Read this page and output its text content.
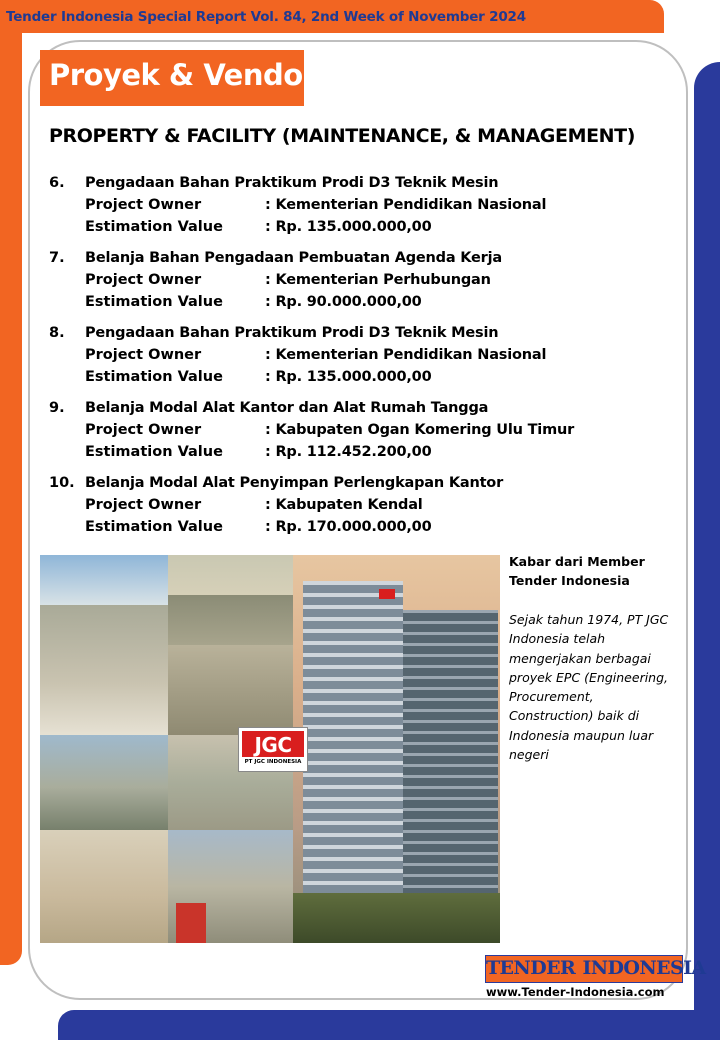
Tender Indonesia Special Report Vol. 84, 2nd Week of November 2024
Proyek & Vendor
PROPERTY & FACILITY (MAINTENANCE, & MANAGEMENT)
6. Pengadaan Bahan Praktikum Prodi D3 Teknik Mesin
Project Owner	: Kementerian Pendidikan Nasional
Estimation Value	: Rp. 135.000.000,00
7. Belanja Bahan Pengadaan Pembuatan Agenda Kerja
Project Owner	: Kementerian Perhubungan
Estimation Value	: Rp. 90.000.000,00
8. Pengadaan Bahan Praktikum Prodi D3 Teknik Mesin
Project Owner	: Kementerian Pendidikan Nasional
Estimation Value	: Rp. 135.000.000,00
9. Belanja Modal Alat Kantor dan Alat Rumah Tangga
Project Owner	: Kabupaten Ogan Komering Ulu Timur
Estimation Value	: Rp. 112.452.200,00
10. Belanja Modal Alat Penyimpan Perlengkapan Kantor
Project Owner	: Kabupaten Kendal
Estimation Value	: Rp. 170.000.000,00
JGC
PT JGC INDONESIA
Kabar dari Member
Tender Indonesia
Sejak tahun 1974, PT JGC Indonesia telah mengerjakan berbagai proyek EPC (Engineering, Procurement, Construction) baik di Indonesia maupun luar negeri
TENDER  INDONESIA
www.Tender-Indonesia.com
